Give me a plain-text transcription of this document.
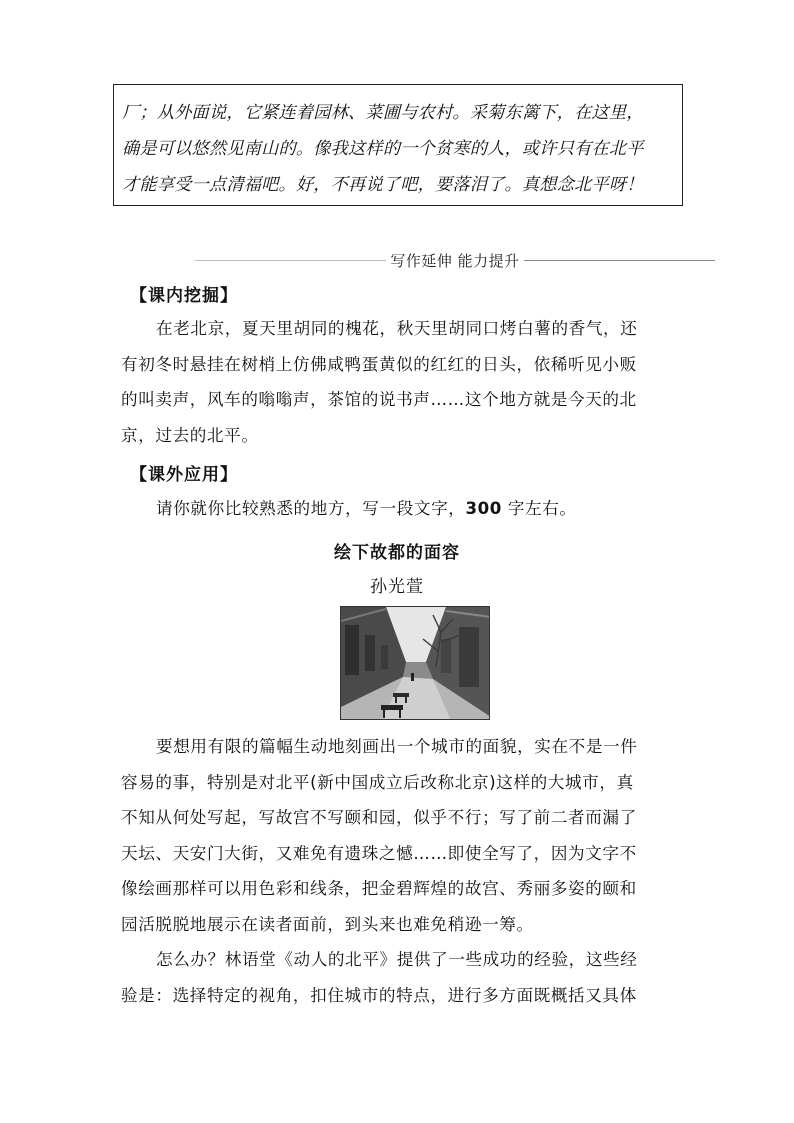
厂；从外面说，它紧连着园林、菜圃与农村。采菊东篱下，在这里，

确是可以悠然见南山的。像我这样的一个贫寒的人，或许只有在北平

才能享受一点清福吧。好，不再说了吧，要落泪了。真想念北平呀！

写作延伸 能力提升
【课内挖掘】

在老北京，夏天里胡同的槐花，秋天里胡同口烤白薯的香气，还

有初冬时悬挂在树梢上仿佛咸鸭蛋黄似的红红的日头，依稀听见小贩

的叫卖声，风车的嗡嗡声，茶馆的说书声……这个地方就是今天的北

京，过去的北平。

【课外应用】

请你就你比较熟悉的地方，写一段文字，300 字左右。

绘下故都的面容
孙光萱

要想用有限的篇幅生动地刻画出一个城市的面貌，实在不是一件

容易的事，特别是对北平(新中国成立后改称北京)这样的大城市，真

不知从何处写起，写故宫不写颐和园，似乎不行；写了前二者而漏了

天坛、天安门大街，又难免有遗珠之憾……即使全写了，因为文字不

像绘画那样可以用色彩和线条，把金碧辉煌的故宫、秀丽多姿的颐和

园活脱脱地展示在读者面前，到头来也难免稍逊一筹。

怎么办？林语堂《动人的北平》提供了一些成功的经验，这些经

验是：选择特定的视角，扣住城市的特点，进行多方面既概括又具体
